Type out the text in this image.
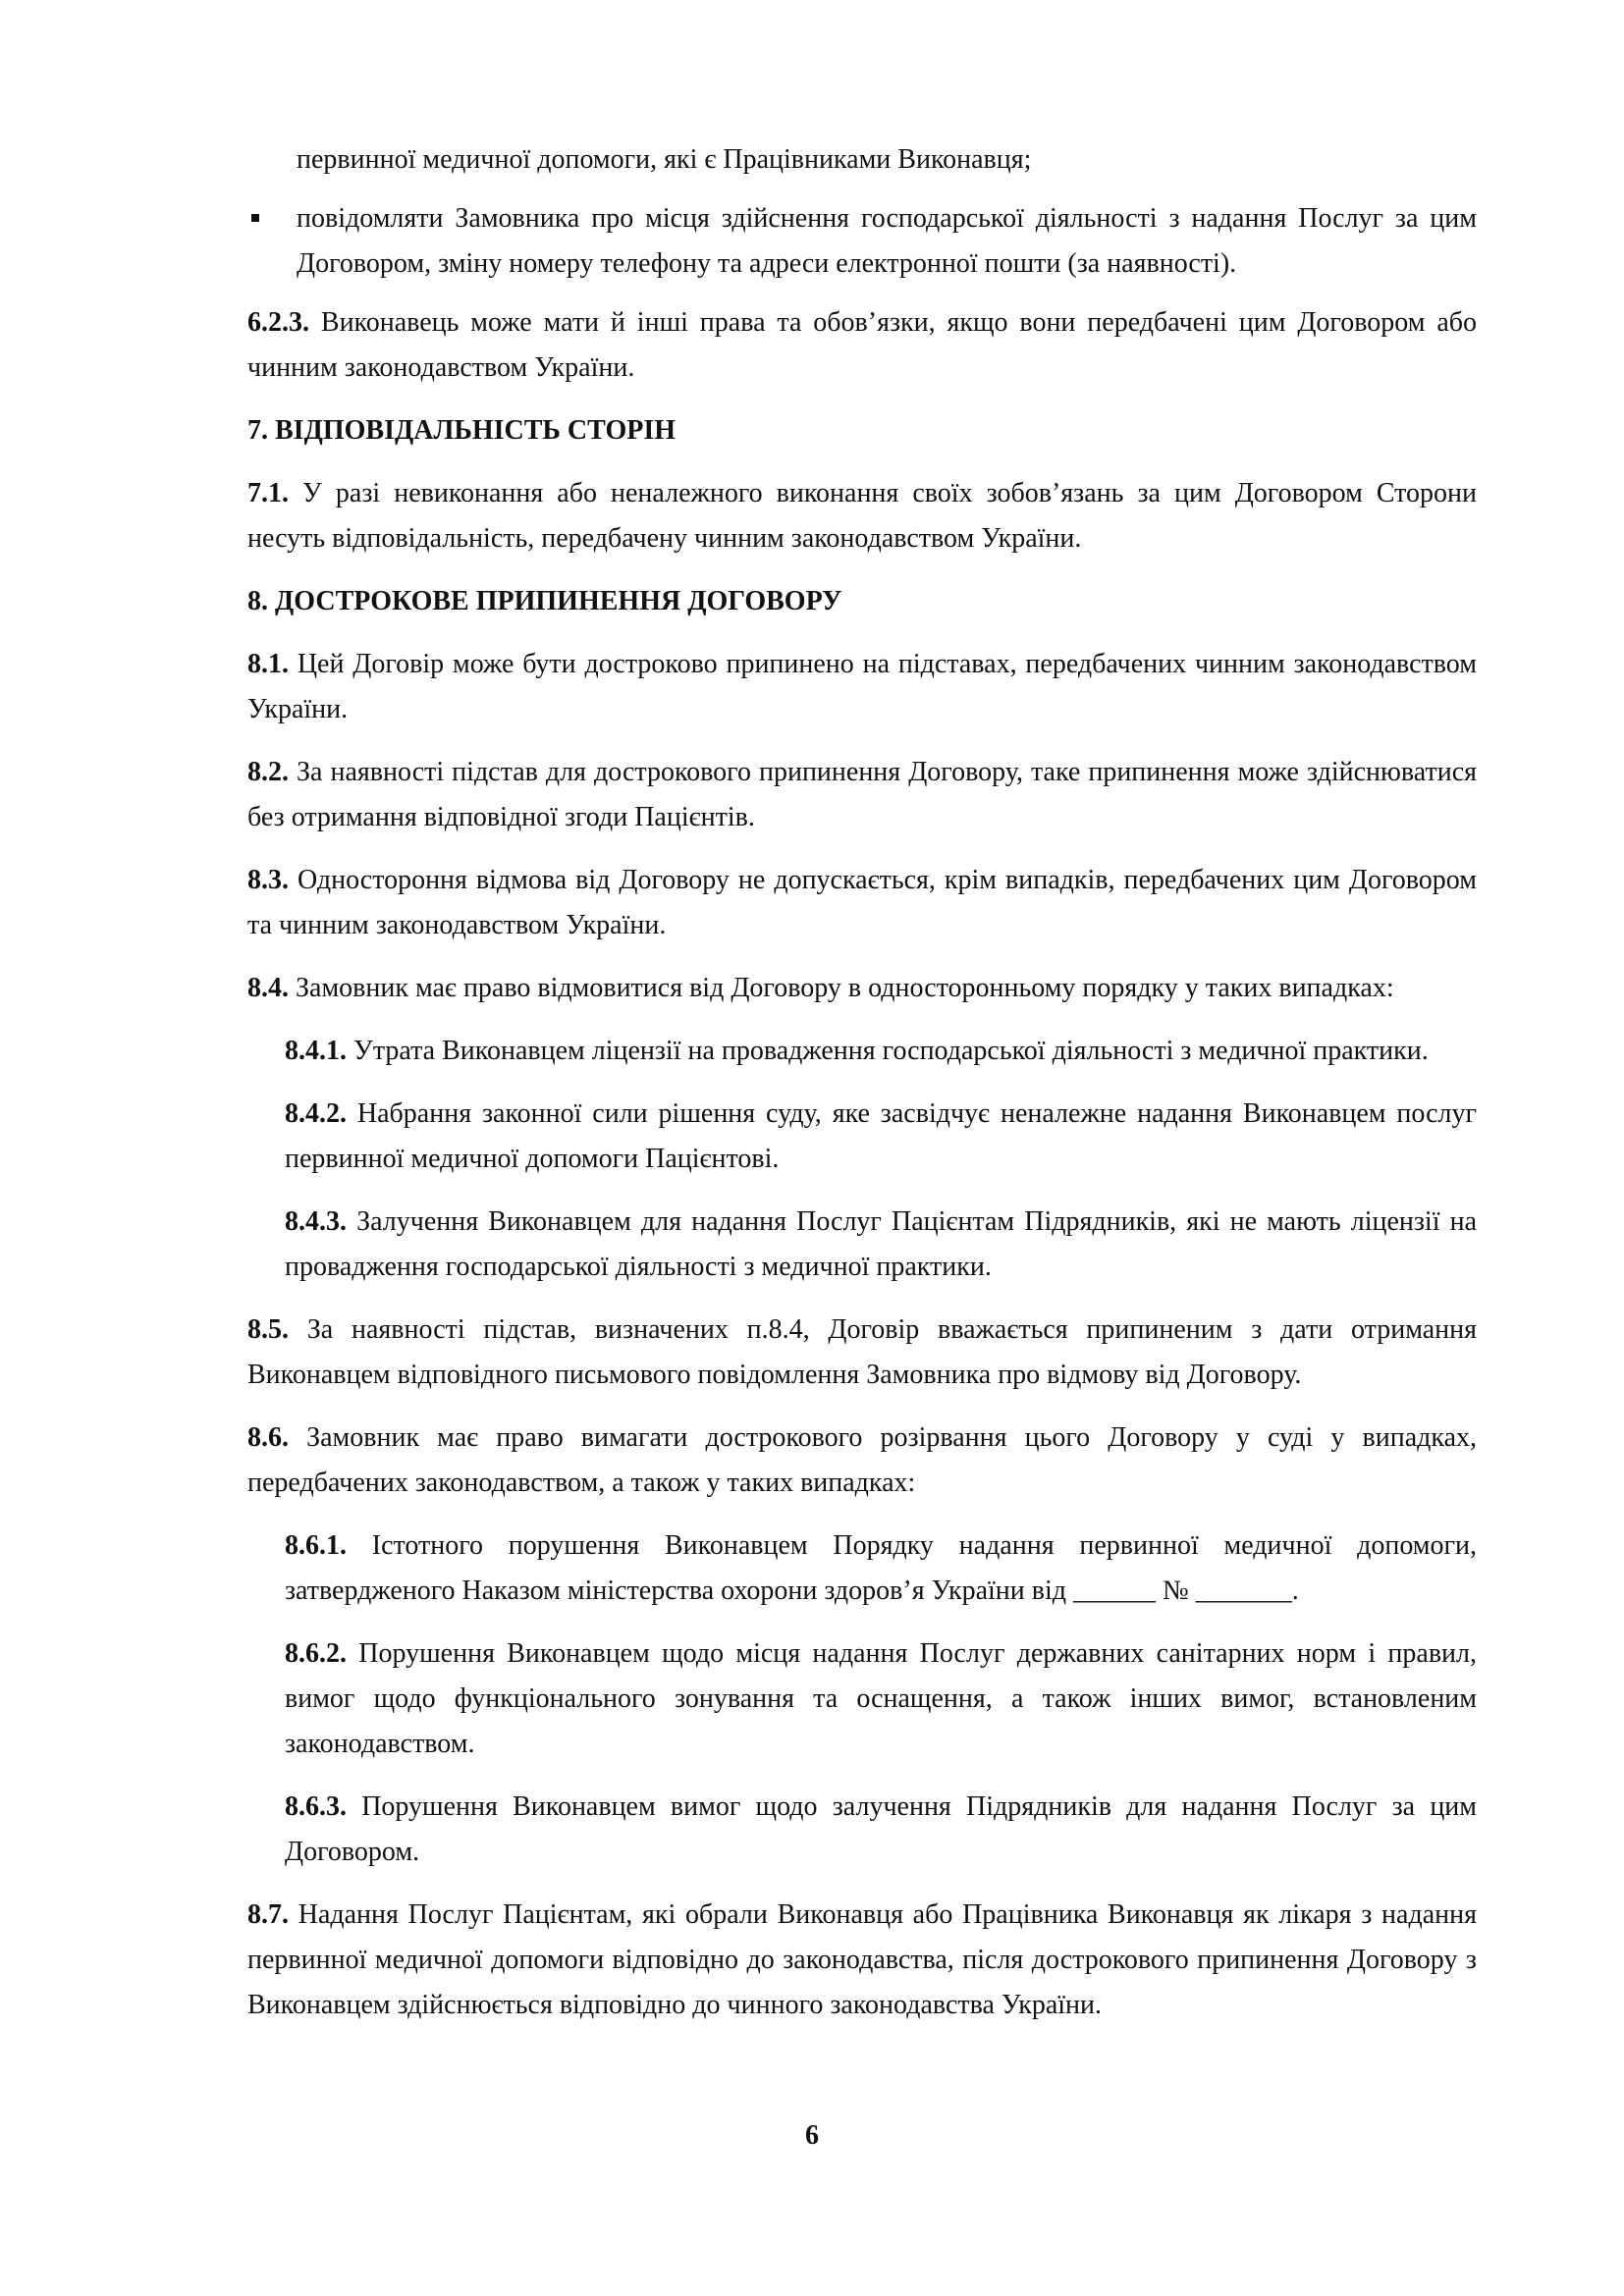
первинної медичної допомоги, які є Працівниками Виконавця;
повідомляти Замовника про місця здійснення господарської діяльності з надання Послуг за цим Договором, зміну номеру телефону та адреси електронної пошти (за наявності).

6.2.3. Виконавець може мати й інші права та обов’язки, якщо вони передбачені цим Договором або чинним законодавством України.

7. ВІДПОВІДАЛЬНІСТЬ СТОРІН

7.1. У разі невиконання або неналежного виконання своїх зобов’язань за цим Договором Сторони несуть відповідальність, передбачену чинним законодавством України.

8. ДОСТРОКОВЕ ПРИПИНЕННЯ ДОГОВОРУ

8.1. Цей Договір може бути достроково припинено на підставах, передбачених чинним законодавством України.

8.2. За наявності підстав для дострокового припинення Договору, таке припинення може здійснюватися без отримання відповідної згоди Пацієнтів.

8.3. Одностороння відмова від Договору не допускається, крім випадків, передбачених цим Договором та чинним законодавством України.

8.4. Замовник має право відмовитися від Договору в односторонньому порядку у таких випадках:

8.4.1. Утрата Виконавцем ліцензії на провадження господарської діяльності з медичної практики.

8.4.2. Набрання законної сили рішення суду, яке засвідчує неналежне надання Виконавцем послуг первинної медичної допомоги Пацієнтові.

8.4.3. Залучення Виконавцем для надання Послуг Пацієнтам Підрядників, які не мають ліцензії на провадження господарської діяльності з медичної практики.

8.5. За наявності підстав, визначених п.8.4, Договір вважається припиненим з дати отримання Виконавцем відповідного письмового повідомлення Замовника про відмову від Договору.

8.6. Замовник має право вимагати дострокового розірвання цього Договору у суді у випадках, передбачених законодавством, а також у таких випадках:

8.6.1. Істотного порушення Виконавцем Порядку надання первинної медичної допомоги, затвердженого Наказом міністерства охорони здоров’я України від ______ № _______.

8.6.2. Порушення Виконавцем щодо місця надання Послуг державних санітарних норм і правил, вимог щодо функціонального зонування та оснащення, а також інших вимог, встановленим законодавством.

8.6.3. Порушення Виконавцем вимог щодо залучення Підрядників для надання Послуг за цим Договором.

8.7. Надання Послуг Пацієнтам, які обрали Виконавця або Працівника Виконавця як лікаря з надання первинної медичної допомоги відповідно до законодавства, після дострокового припинення Договору з Виконавцем здійснюється відповідно до чинного законодавства України.

6
